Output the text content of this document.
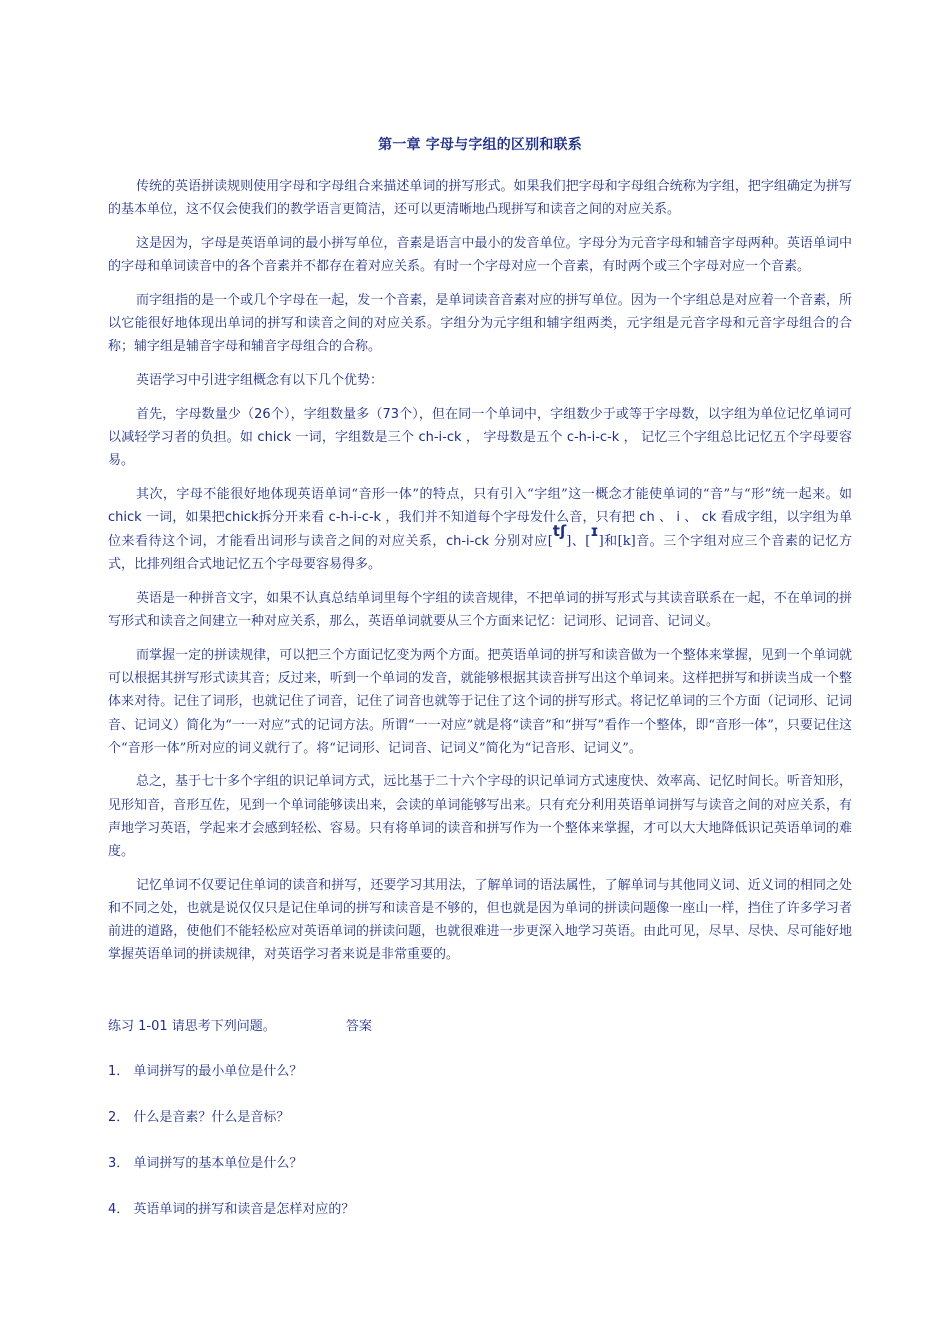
第一章 字母与字组的区别和联系

传统的英语拼读规则使用字母和字母组合来描述单词的拼写形式。如果我们把字母和字母组合统称为字组，把字组确定为拼写的基本单位，这不仅会使我们的教学语言更简洁，还可以更清晰地凸现拼写和读音之间的对应关系。

这是因为，字母是英语单词的最小拼写单位，音素是语言中最小的发音单位。字母分为元音字母和辅音字母两种。英语单词中的字母和单词读音中的各个音素并不都存在着对应关系。有时一个字母对应一个音素，有时两个或三个字母对应一个音素。

而字组指的是一个或几个字母在一起，发一个音素，是单词读音音素对应的拼写单位。因为一个字组总是对应着一个音素，所以它能很好地体现出单词的拼写和读音之间的对应关系。字组分为元字组和辅字组两类，元字组是元音字母和元音字母组合的合称；辅字组是辅音字母和辅音字母组合的合称。

英语学习中引进字组概念有以下几个优势：

首先，字母数量少（26个），字组数量多（73个），但在同一个单词中，字组数少于或等于字母数，以字组为单位记忆单词可以减轻学习者的负担。如 chick 一词，字组数是三个 ch-i-ck ， 字母数是五个 c-h-i-c-k ， 记忆三个字组总比记忆五个字母要容易。

其次，字母不能很好地体现英语单词“音形一体”的特点，只有引入“字组”这一概念才能使单词的“音”与“形”统一起来。如chick 一词，如果把chick拆分开来看 c-h-i-c-k ，我们并不知道每个字母发什么音，只有把 ch 、 i 、 ck 看成字组，以字组为单位来看待这个词，才能看出词形与读音之间的对应关系，ch-i-ck 分别对应[tʃ]、[ɪ]和[k]音。三个字组对应三个音素的记忆方式，比排列组合式地记忆五个字母要容易得多。

英语是一种拼音文字，如果不认真总结单词里每个字组的读音规律，不把单词的拼写形式与其读音联系在一起，不在单词的拼写形式和读音之间建立一种对应关系，那么，英语单词就要从三个方面来记忆：记词形、记词音、记词义。

而掌握一定的拼读规律，可以把三个方面记忆变为两个方面。把英语单词的拼写和读音做为一个整体来掌握，见到一个单词就可以根据其拼写形式读其音；反过来，听到一个单词的发音，就能够根据其读音拼写出这个单词来。这样把拼写和拼读当成一个整体来对待。记住了词形，也就记住了词音，记住了词音也就等于记住了这个词的拼写形式。将记忆单词的三个方面（记词形、记词音、记词义）简化为“一一对应”式的记词方法。所谓“一一对应”就是将“读音”和“拼写”看作一个整体，即“音形一体”，只要记住这个“音形一体”所对应的词义就行了。将“记词形、记词音、记词义”简化为“记音形、记词义”。

总之，基于七十多个字组的识记单词方式，远比基于二十六个字母的识记单词方式速度快、效率高、记忆时间长。听音知形，见形知音，音形互佐，见到一个单词能够读出来，会读的单词能够写出来。只有充分利用英语单词拼写与读音之间的对应关系，有声地学习英语，学起来才会感到轻松、容易。只有将单词的读音和拼写作为一个整体来掌握，才可以大大地降低识记英语单词的难度。

记忆单词不仅要记住单词的读音和拼写，还要学习其用法，了解单词的语法属性，了解单词与其他同义词、近义词的相同之处和不同之处，也就是说仅仅只是记住单词的拼写和读音是不够的，但也就是因为单词的拼读问题像一座山一样，挡住了许多学习者前进的道路，使他们不能轻松应对英语单词的拼读问题，也就很难进一步更深入地学习英语。由此可见，尽早、尽快、尽可能好地掌握英语单词的拼读规律，对英语学习者来说是非常重要的。

练习 1-01 请思考下列问题。	答案
1． 单词拼写的最小单位是什么？
2． 什么是音素？什么是音标？
3． 单词拼写的基本单位是什么？
4． 英语单词的拼写和读音是怎样对应的？
